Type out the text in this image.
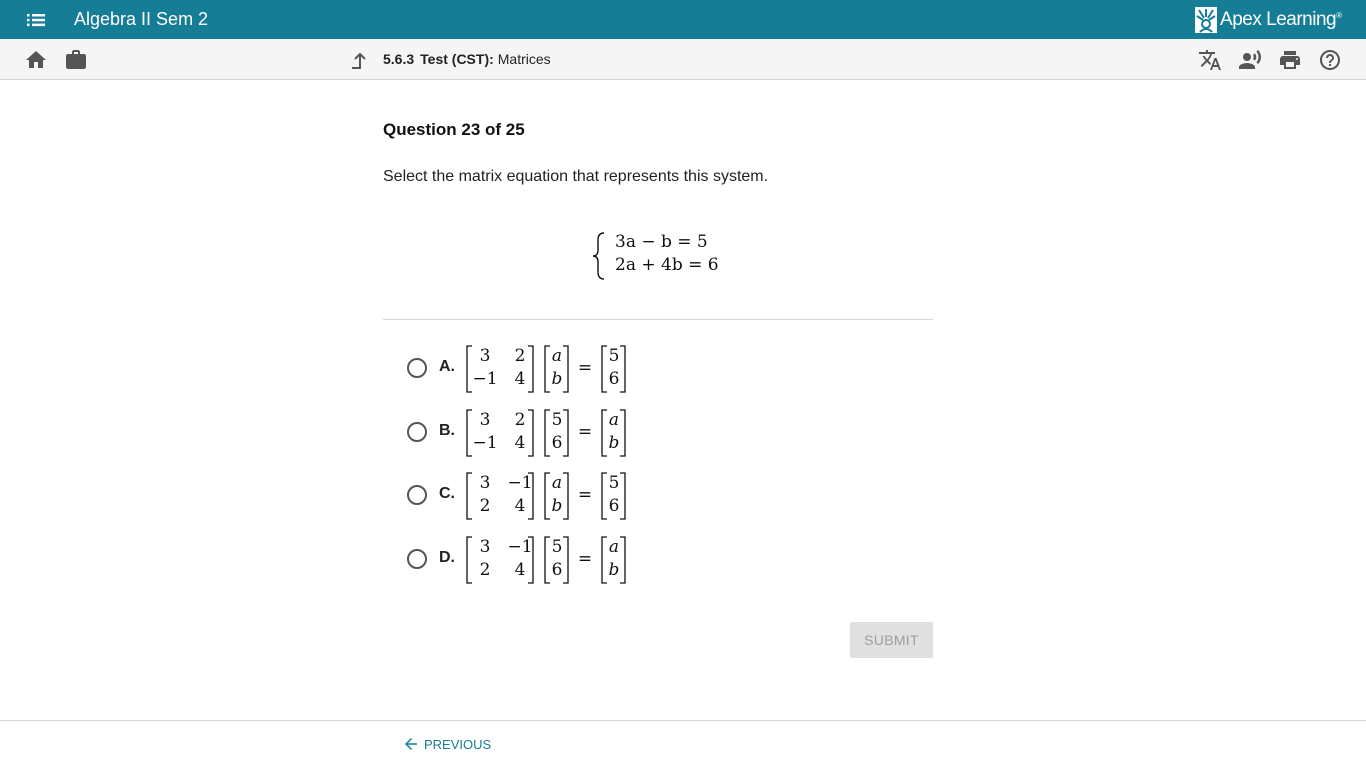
Algebra II Sem 2	Apex Learning ®
5.6.3 Test (CST): Matrices
Question 23 of 25
Select the matrix equation that represents this system.
3a − b = 5
2a + 4b = 6
A.
3 2
−1 4
a
b
=
5
6
B.
3 2
−1 4
5
6
=
a
b
C.
3 −1
2 4
a
b
=
5
6
D.
3 −1
2 4
5
6
=
a
b
SUBMIT
PREVIOUS
